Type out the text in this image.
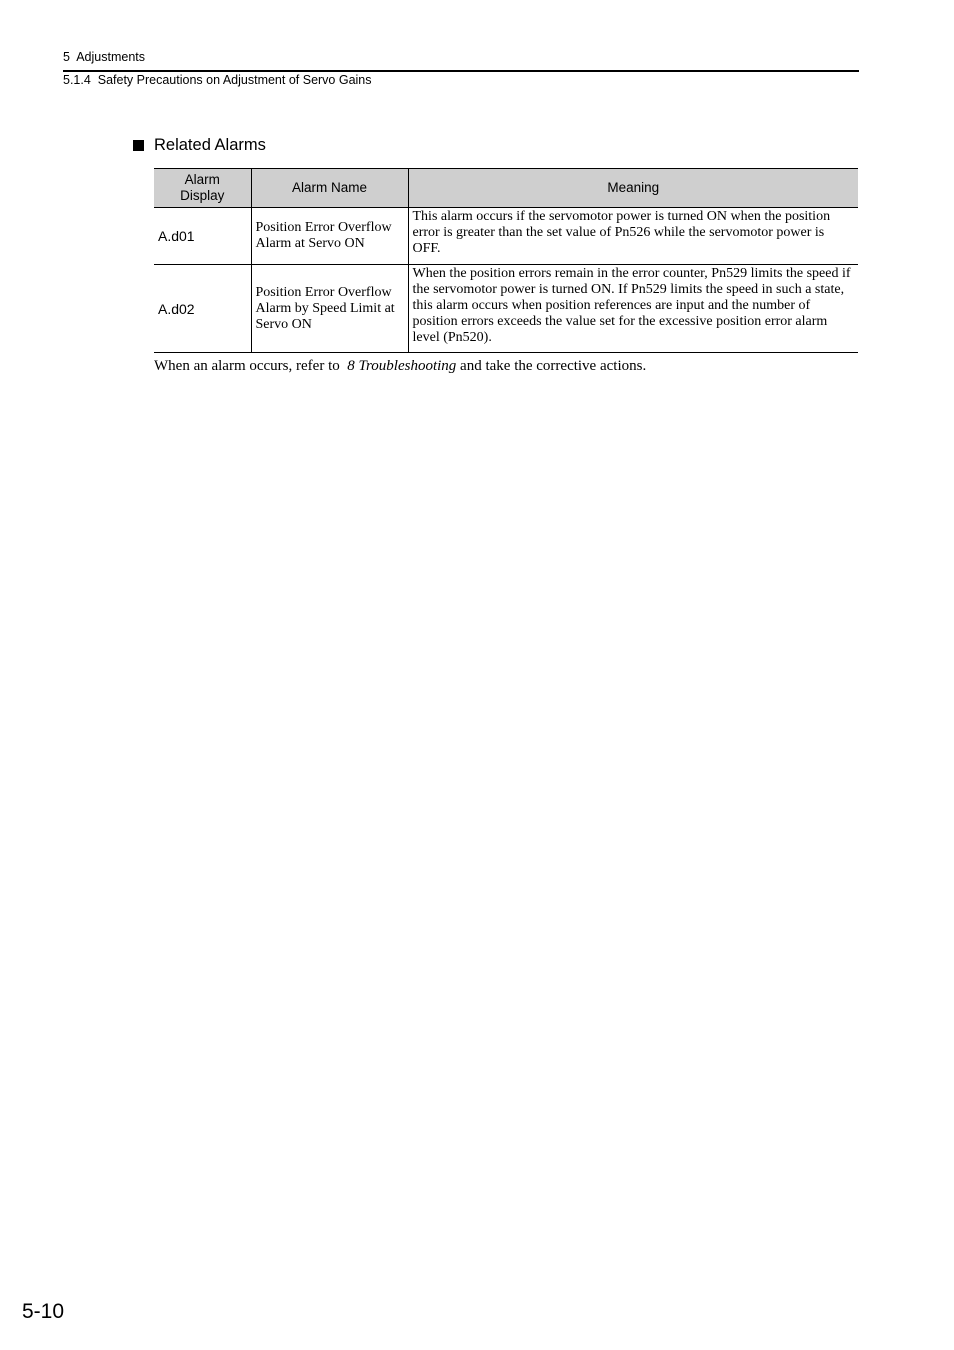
5  Adjustments
5.1.4  Safety Precautions on Adjustment of Servo Gains
Related Alarms
Alarm
Display	Alarm Name	Meaning
A.d01	Position Error Overflow Alarm at Servo ON	This alarm occurs if the servomotor power is turned ON when the position error is greater than the set value of Pn526 while the servomotor power is OFF.
A.d02	Position Error Overflow Alarm by Speed Limit at Servo ON	When the position errors remain in the error counter, Pn529 limits the speed if the servomotor power is turned ON. If Pn529 limits the speed in such a state, this alarm occurs when position references are input and the number of position errors exceeds the value set for the excessive position error alarm level (Pn520).
When an alarm occurs, refer to  8 Troubleshooting and take the corrective actions.
5-10
